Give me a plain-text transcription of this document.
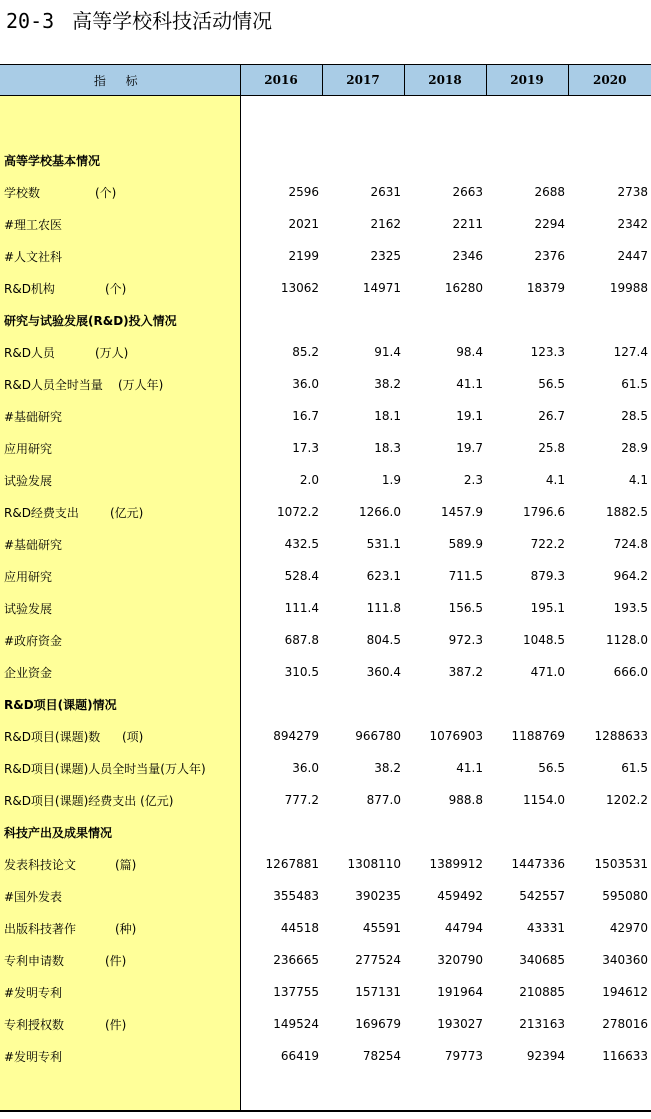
20-3 高等学校科技活动情况
指 标	2016	2017	2018	2019	2020

高等学校基本情况					
学校数 (个)	2596	2631	2663	2688	2738
#理工农医	2021	2162	2211	2294	2342
#人文社科	2199	2325	2346	2376	2447
R&D机构 (个)	13062	14971	16280	18379	19988
研究与试验发展(R&D)投入情况					
R&D人员 (万人)	85.2	91.4	98.4	123.3	127.4
R&D人员全时当量 (万人年)	36.0	38.2	41.1	56.5	61.5
#基础研究	16.7	18.1	19.1	26.7	28.5
应用研究	17.3	18.3	19.7	25.8	28.9
试验发展	2.0	1.9	2.3	4.1	4.1
R&D经费支出 (亿元)	1072.2	1266.0	1457.9	1796.6	1882.5
#基础研究	432.5	531.1	589.9	722.2	724.8
应用研究	528.4	623.1	711.5	879.3	964.2
试验发展	111.4	111.8	156.5	195.1	193.5
#政府资金	687.8	804.5	972.3	1048.5	1128.0
企业资金	310.5	360.4	387.2	471.0	666.0
R&D项目(课题)情况					
R&D项目(课题)数 (项)	894279	966780	1076903	1188769	1288633
R&D项目(课题)人员全时当量(万人年)	36.0	38.2	41.1	56.5	61.5
R&D项目(课题)经费支出 (亿元)	777.2	877.0	988.8	1154.0	1202.2
科技产出及成果情况					
发表科技论文 (篇)	1267881	1308110	1389912	1447336	1503531
#国外发表	355483	390235	459492	542557	595080
出版科技著作 (种)	44518	45591	44794	43331	42970
专利申请数 (件)	236665	277524	320790	340685	340360
#发明专利	137755	157131	191964	210885	194612
专利授权数 (件)	149524	169679	193027	213163	278016
#发明专利	66419	78254	79773	92394	116633
